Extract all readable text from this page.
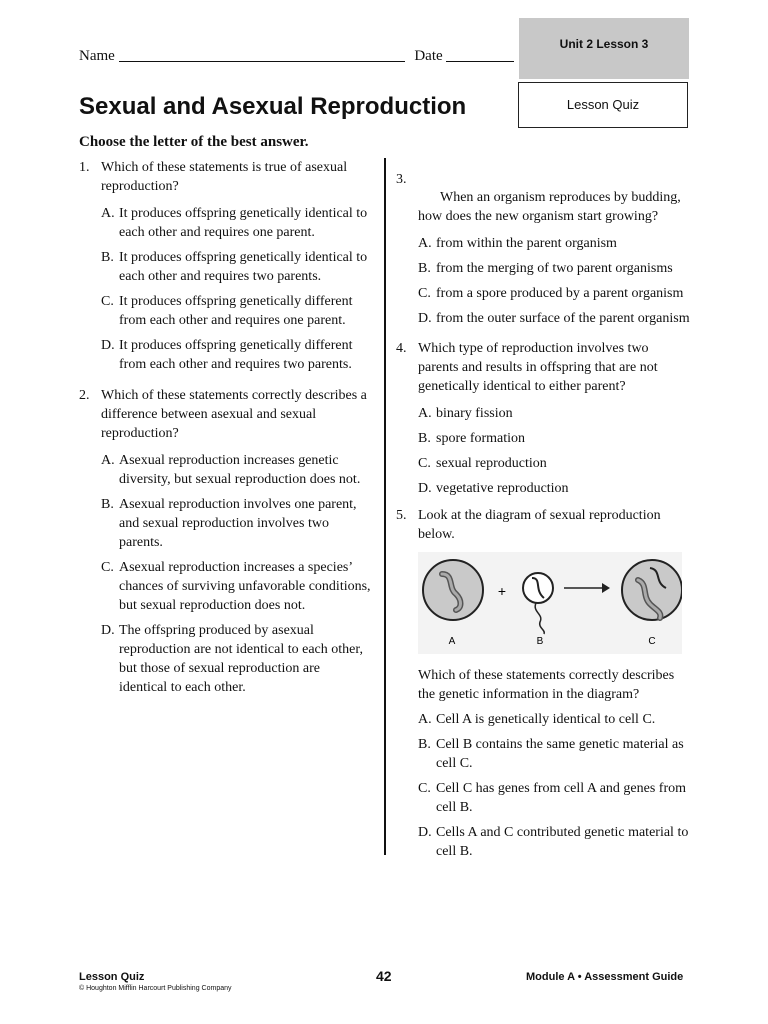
Name	Date
Unit 2 Lesson 3
Lesson Quiz
Sexual and Asexual Reproduction
Choose the letter of the best answer.
1. Which of these statements is true of asexual reproduction?
A. It produces offspring genetically identical to each other and requires one parent.
B. It produces offspring genetically identical to each other and requires two parents.
C. It produces offspring genetically different from each other and requires one parent.
D. It produces offspring genetically different from each other and requires two parents.
2. Which of these statements correctly describes a difference between asexual and sexual reproduction?
A. Asexual reproduction increases genetic diversity, but sexual reproduction does not.
B. Asexual reproduction involves one parent, and sexual reproduction involves two parents.
C. Asexual reproduction increases a species’ chances of surviving unfavorable conditions, but sexual reproduction does not.
D. The offspring produced by asexual reproduction are not identical to each other, but those of sexual reproduction are identical to each other.
3.
When an organism reproduces by budding, how does the new organism start growing?
A. from within the parent organism
B. from the merging of two parent organisms
C. from a spore produced by a parent organism
D. from the outer surface of the parent organism
4. Which type of reproduction involves two parents and results in offspring that are not genetically identical to either parent?
A. binary fission
B. spore formation
C. sexual reproduction
D. vegetative reproduction
5. Look at the diagram of sexual reproduction below.
+
A	B	C
Which of these statements correctly describes the genetic information in the diagram?
A. Cell A is genetically identical to cell C.
B. Cell B contains the same genetic material as cell C.
C. Cell C has genes from cell A and genes from cell B.
D. Cells A and C contributed genetic material to cell B.
Lesson Quiz
© Houghton Mifflin Harcourt Publishing Company
42	Module A • Assessment Guide
